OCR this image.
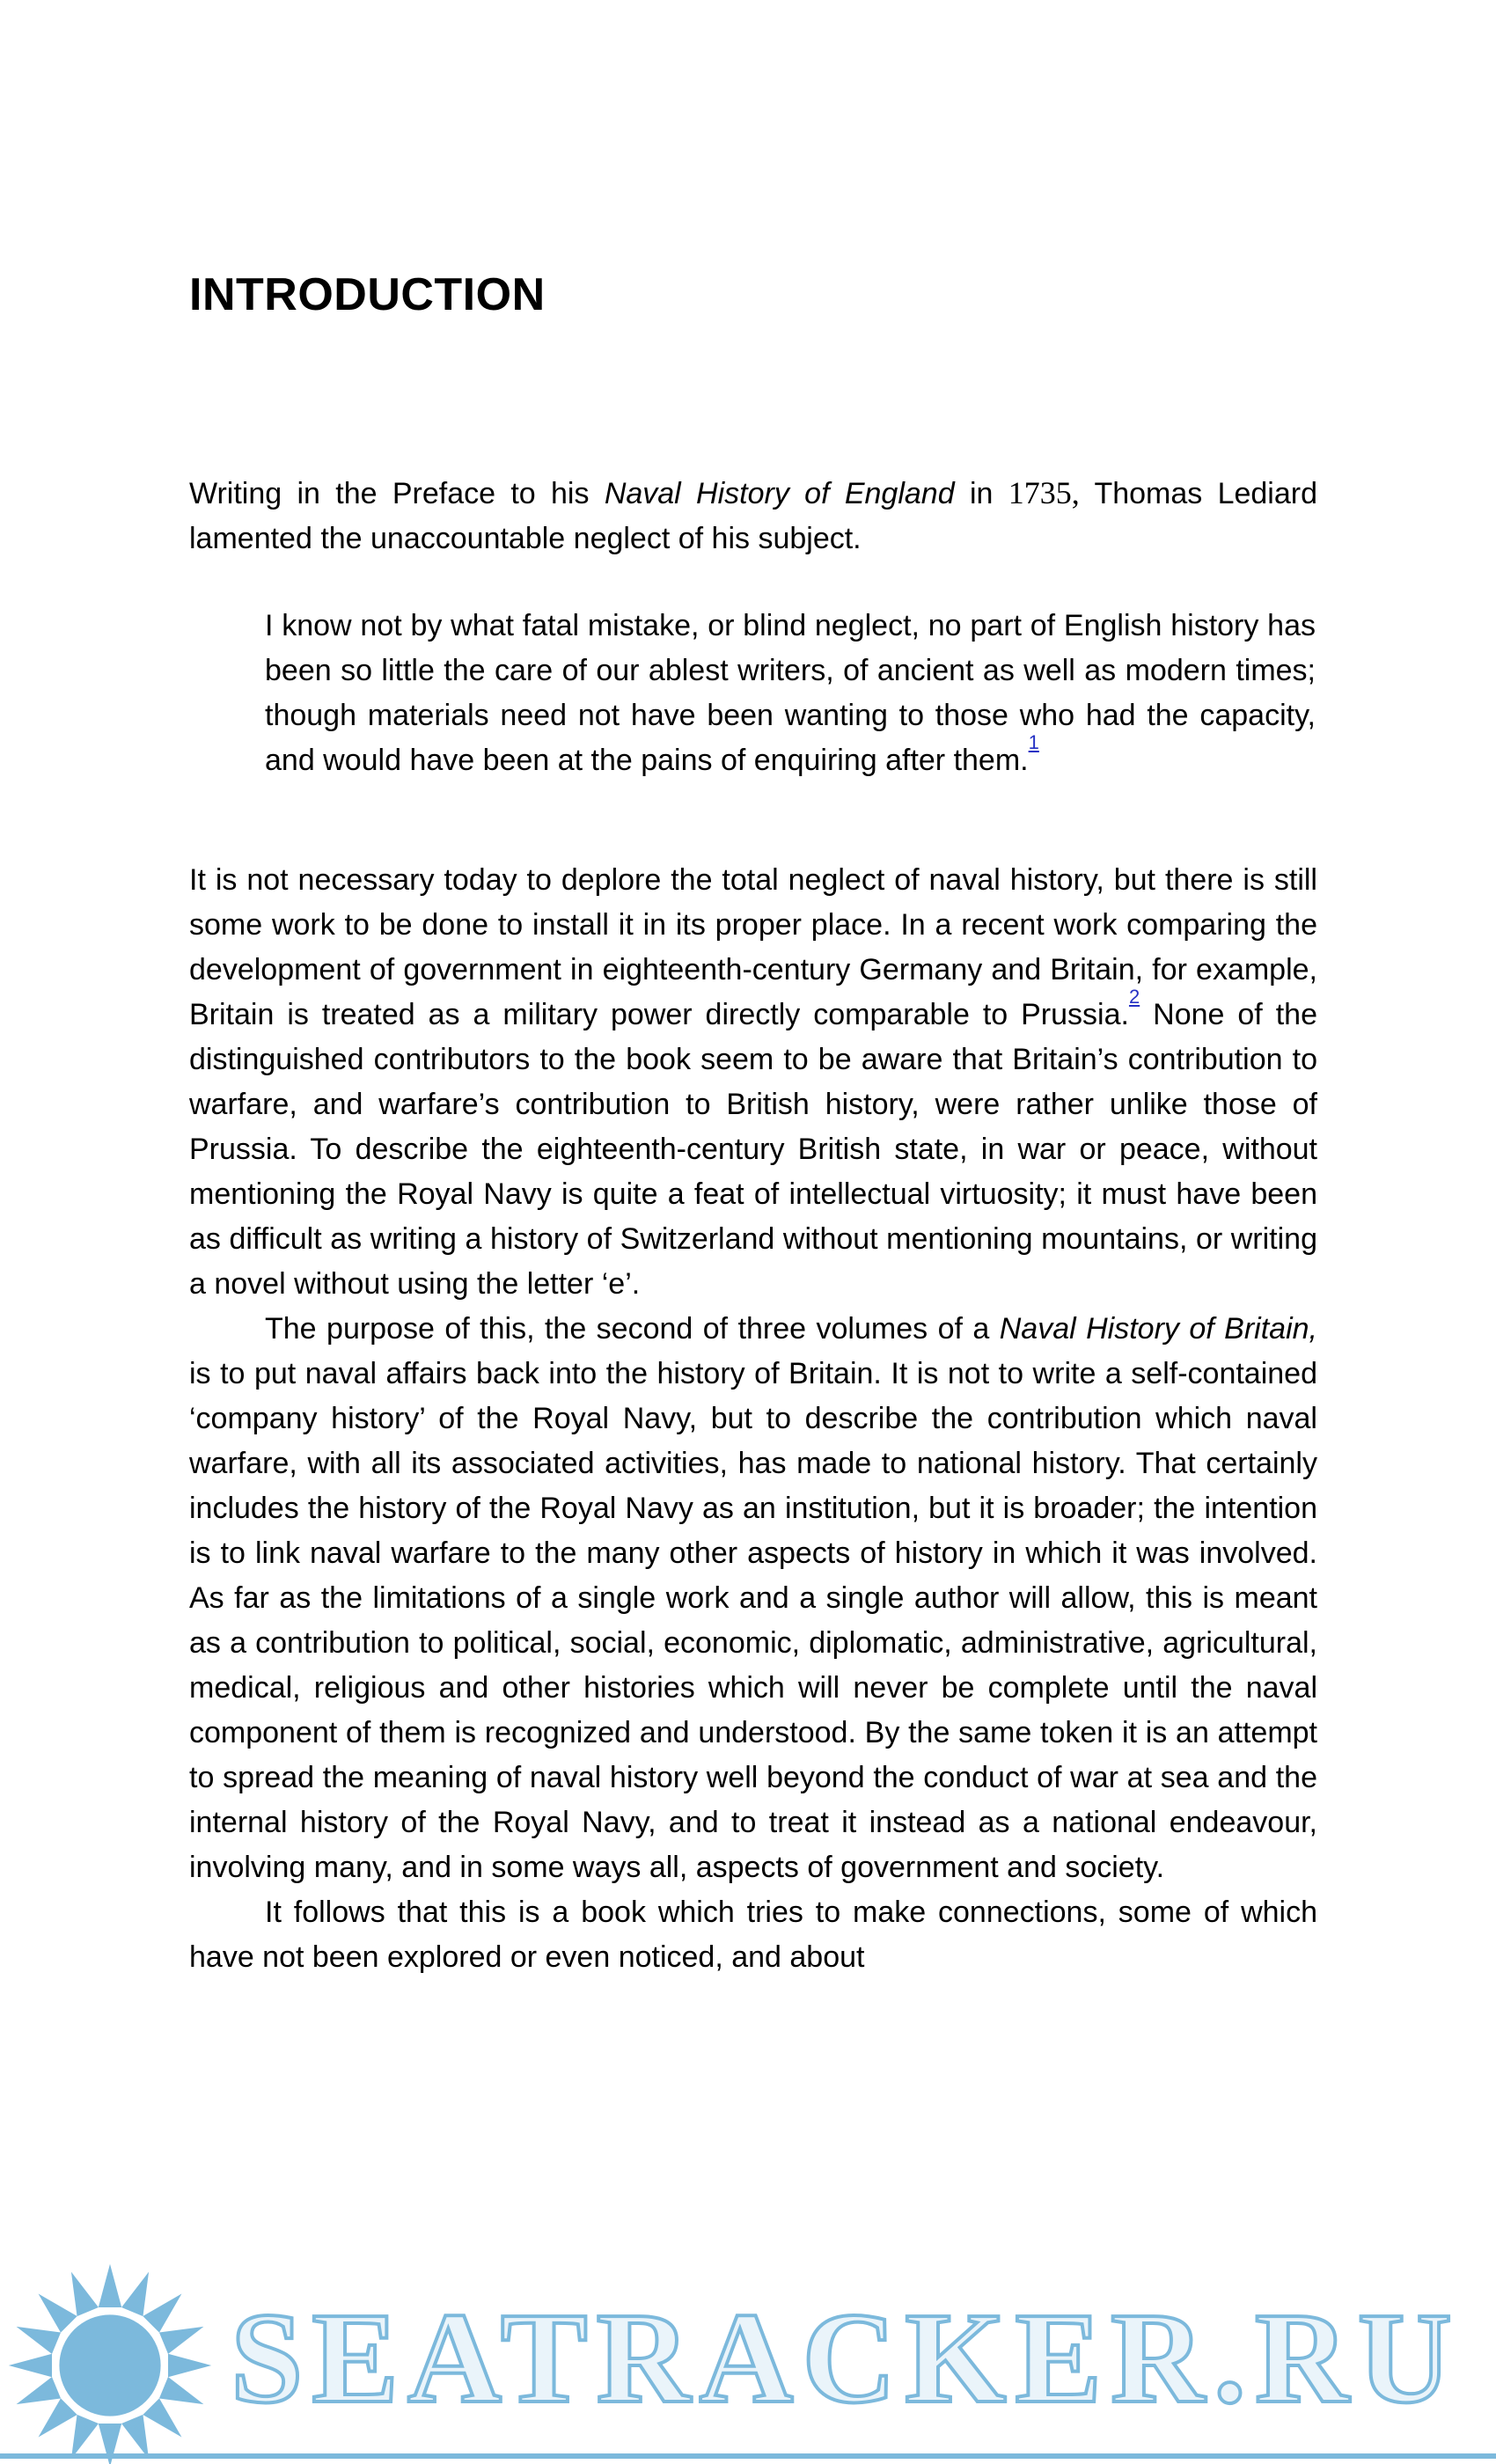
INTRODUCTION

Writing in the Preface to his Naval History of England in 1735, Thomas Lediard lamented the unaccountable neglect of his subject.

I know not by what fatal mistake, or blind neglect, no part of English history has been so little the care of our ablest writers, of ancient as well as modern times; though materials need not have been wanting to those who had the capacity, and would have been at the pains of enquiring after them.$^1$

It is not necessary today to deplore the total neglect of naval history, but there is still some work to be done to install it in its proper place. In a recent work comparing the development of government in eighteenth-century Germany and Britain, for example, Britain is treated as a military power directly comparable to Prussia.$^2$ None of the distinguished contributors to the book seem to be aware that Britain’s contribution to warfare, and warfare’s contribution to British history, were rather unlike those of Prussia. To describe the eighteenth-century British state, in war or peace, without mentioning the Royal Navy is quite a feat of intellectual virtuosity; it must have been as difficult as writing a history of Switzerland without mentioning mountains, or writing a novel without using the letter ‘e’.

The purpose of this, the second of three volumes of a Naval History of Britain, is to put naval affairs back into the history of Britain. It is not to write a self-contained ‘company history’ of the Royal Navy, but to describe the contribution which naval warfare, with all its associated activities, has made to national history. That certainly includes the history of the Royal Navy as an institution, but it is broader; the intention is to link naval warfare to the many other aspects of history in which it was involved. As far as the limitations of a single work and a single author will allow, this is meant as a contribution to political, social, economic, diplomatic, administrative, agricultural, medical, religious and other histories which will never be complete until the naval component of them is recognized and understood. By the same token it is an attempt to spread the meaning of naval history well beyond the conduct of war at sea and the internal history of the Royal Navy, and to treat it instead as a national endeavour, involving many, and in some ways all, aspects of government and society.

It follows that this is a book which tries to make connections, some of which have not been explored or even noticed, and about

SEATRACKER.RU
